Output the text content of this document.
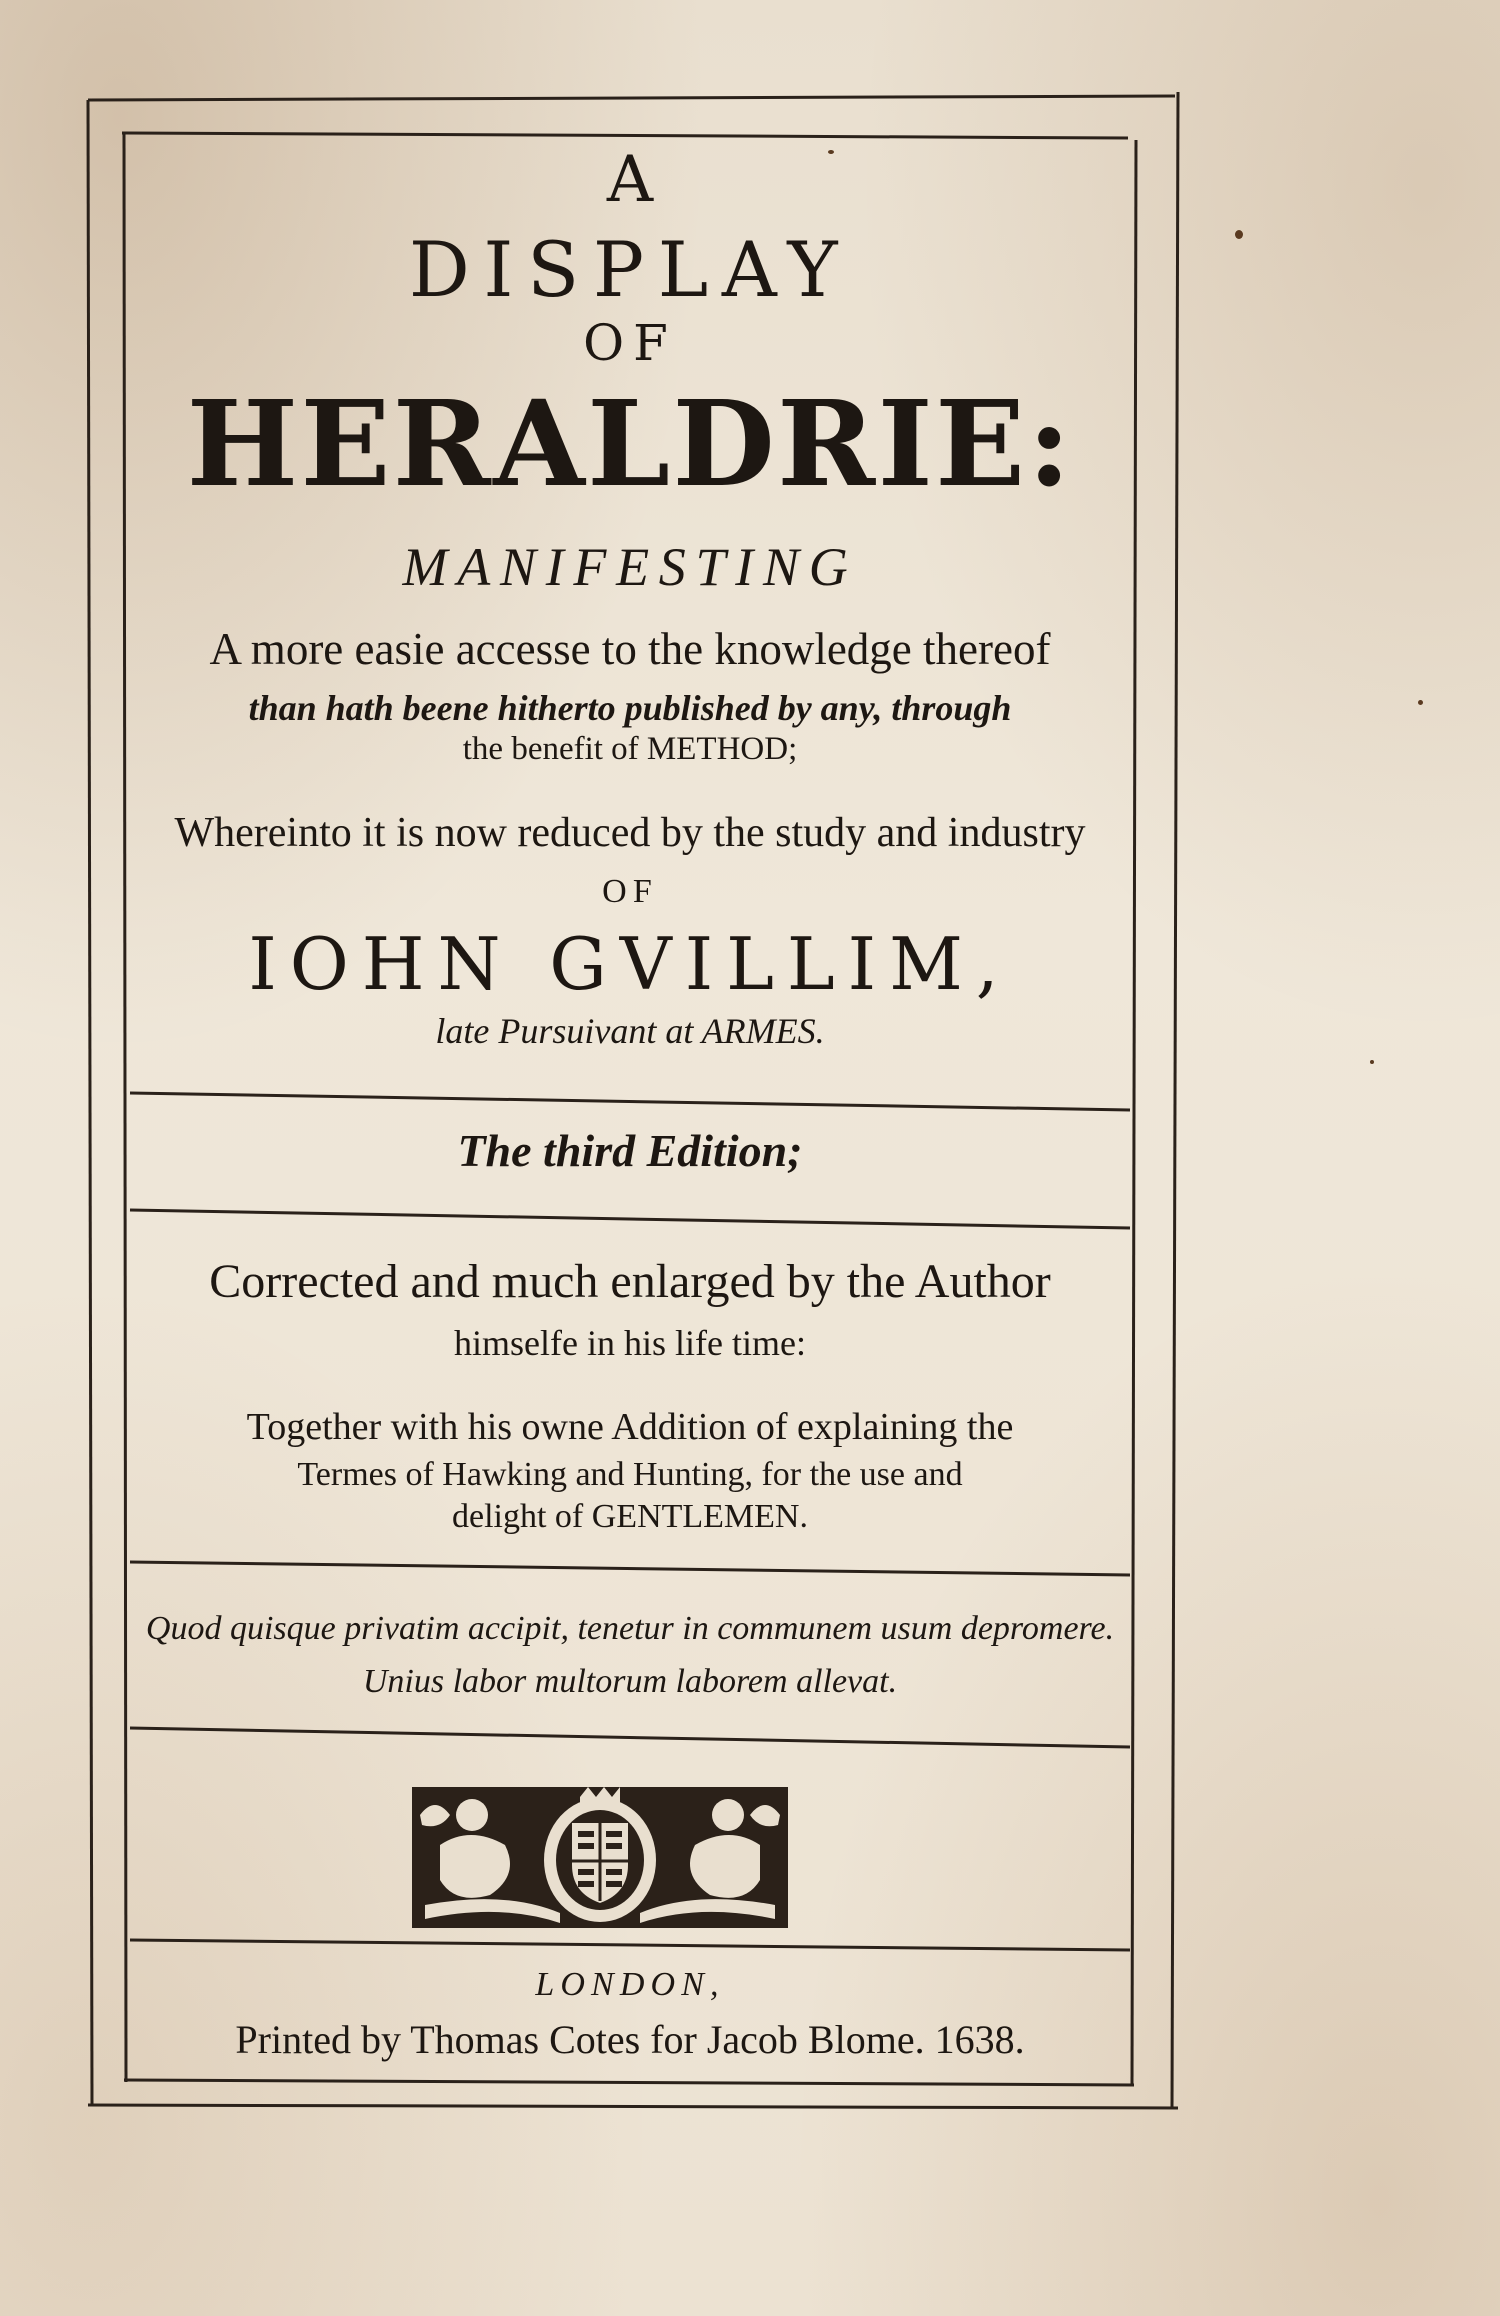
A
DISPLAY
OF
HERALDRIE:
MANIFESTING
A more easie accesse to the knowledge thereof
than hath beene hitherto published by any, through
the benefit of METHOD;
Whereinto it is now reduced by the study and industry
OF
IOHN GVILLIM,
late Pursuivant at ARMES.
The third Edition;
Corrected and much enlarged by the Author
himselfe in his life time:
Together with his owne Addition of explaining the
Termes of Hawking and Hunting, for the use and
delight of GENTLEMEN.
Quod quisque privatim accipit, tenetur in communem usum depromere.
Unius labor multorum laborem allevat.
LONDON,
Printed by Thomas Cotes for Jacob Blome. 1638.
